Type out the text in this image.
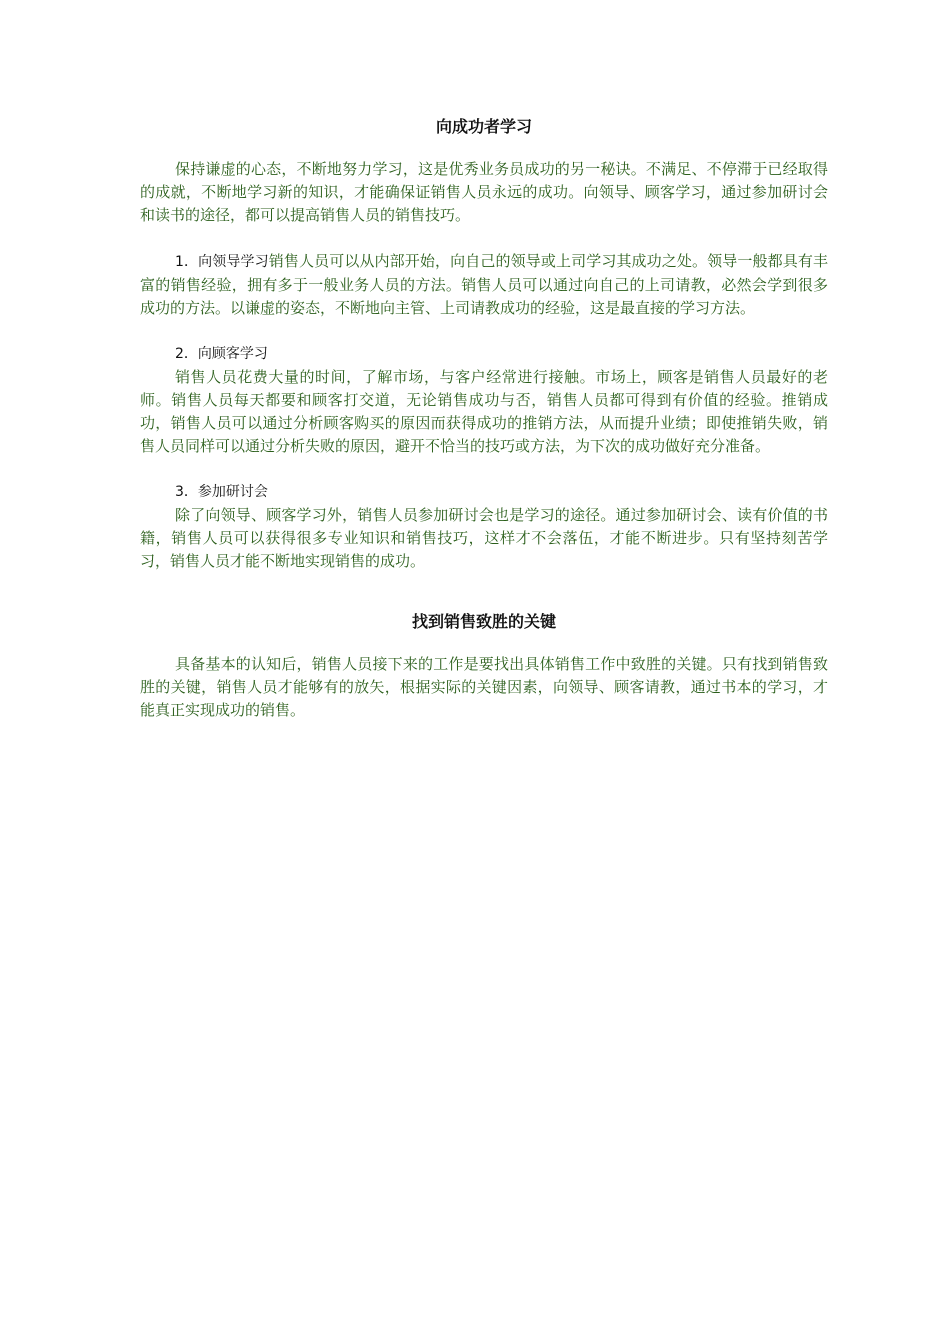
向成功者学习

保持谦虚的心态，不断地努力学习，这是优秀业务员成功的另一秘诀。不满足、不停滞于已经取得的成就，不断地学习新的知识，才能确保证销售人员永远的成功。向领导、顾客学习，通过参加研讨会和读书的途径，都可以提高销售人员的销售技巧。

1．向领导学习销售人员可以从内部开始，向自己的领导或上司学习其成功之处。领导一般都具有丰富的销售经验，拥有多于一般业务人员的方法。销售人员可以通过向自己的上司请教，必然会学到很多成功的方法。以谦虚的姿态，不断地向主管、上司请教成功的经验，这是最直接的学习方法。

2．向顾客学习

销售人员花费大量的时间，了解市场，与客户经常进行接触。市场上，顾客是销售人员最好的老师。销售人员每天都要和顾客打交道，无论销售成功与否，销售人员都可得到有价值的经验。推销成功，销售人员可以通过分析顾客购买的原因而获得成功的推销方法，从而提升业绩；即使推销失败，销售人员同样可以通过分析失败的原因，避开不恰当的技巧或方法，为下次的成功做好充分准备。

3．参加研讨会

除了向领导、顾客学习外，销售人员参加研讨会也是学习的途径。通过参加研讨会、读有价值的书籍，销售人员可以获得很多专业知识和销售技巧，这样才不会落伍，才能不断进步。只有坚持刻苦学习，销售人员才能不断地实现销售的成功。

找到销售致胜的关键

具备基本的认知后，销售人员接下来的工作是要找出具体销售工作中致胜的关键。只有找到销售致胜的关键，销售人员才能够有的放矢，根据实际的关键因素，向领导、顾客请教，通过书本的学习，才能真正实现成功的销售。
